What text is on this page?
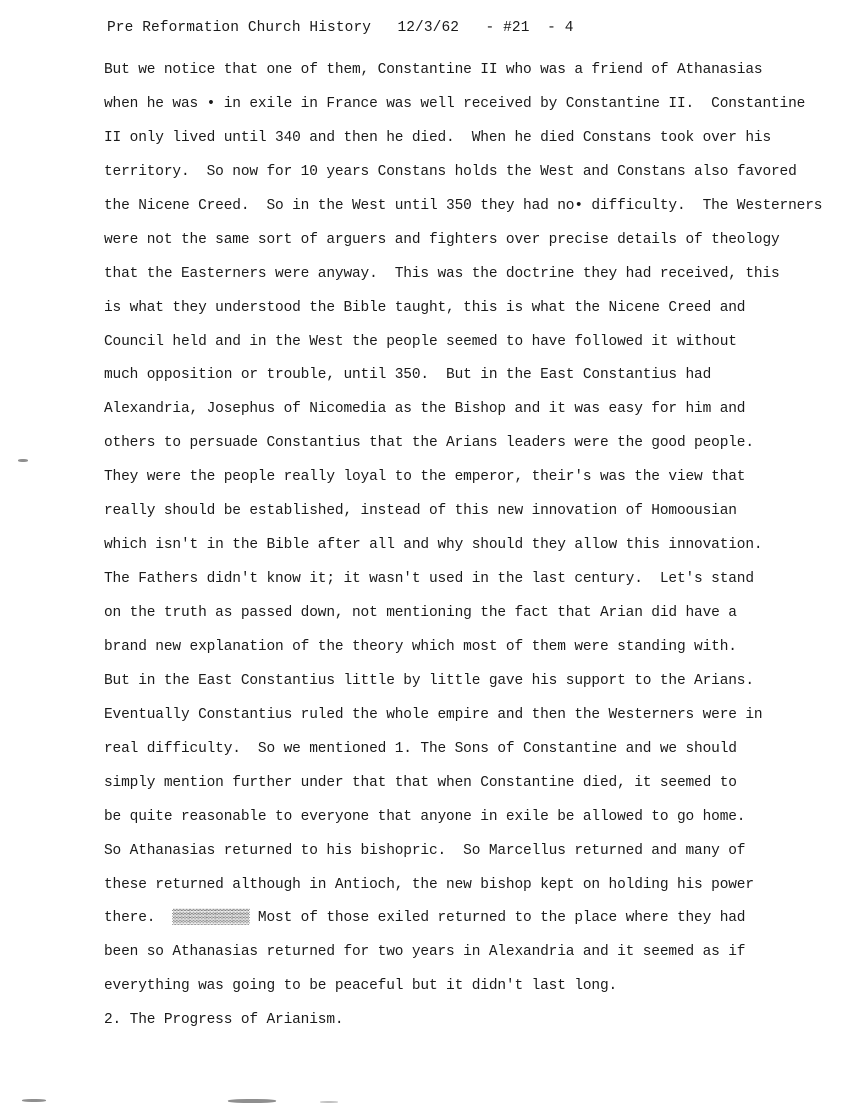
Pre Reformation Church History 12/3/62 - #21 - 4
But we notice that one of them, Constantine II who was a friend of Athanasias
when he was • in exile in France was well received by Constantine II.  Constantine
II only lived until 340 and then he died.  When he died Constans took over his
territory.  So now for 10 years Constans holds the West and Constans also favored
the Nicene Creed.  So in the West until 350 they had no• difficulty.  The Westerners
were not the same sort of arguers and fighters over precise details of theology
that the Easterners were anyway.  This was the doctrine they had received, this
is what they understood the Bible taught, this is what the Nicene Creed and
Council held and in the West the people seemed to have followed it without
much opposition or trouble, until 350.  But in the East Constantius had
Alexandria, Josephus of Nicomedia as the Bishop and it was easy for him and
others to persuade Constantius that the Arians leaders were the good people.
They were the people really loyal to the emperor, their's was the view that
really should be established, instead of this new innovation of Homoousian
which isn't in the Bible after all and why should they allow this innovation.
The Fathers didn't know it; it wasn't used in the last century.  Let's stand
on the truth as passed down, not mentioning the fact that Arian did have a
brand new explanation of the theory which most of them were standing with.
But in the East Constantius little by little gave his support to the Arians.
Eventually Constantius ruled the whole empire and then the Westerners were in
real difficulty.  So we mentioned 1. The Sons of Constantine and we should
simply mention further under that that when Constantine died, it seemed to
be quite reasonable to everyone that anyone in exile be allowed to go home.
So Athanasias returned to his bishopric.  So Marcellus returned and many of
these returned although in Antioch, the new bishop kept on holding his power
there.  ▒▒▒▒▒▒▒▒▒ Most of those exiled returned to the place where they had
been so Athanasias returned for two years in Alexandria and it seemed as if
everything was going to be peaceful but it didn't last long.
2. The Progress of Arianism.
